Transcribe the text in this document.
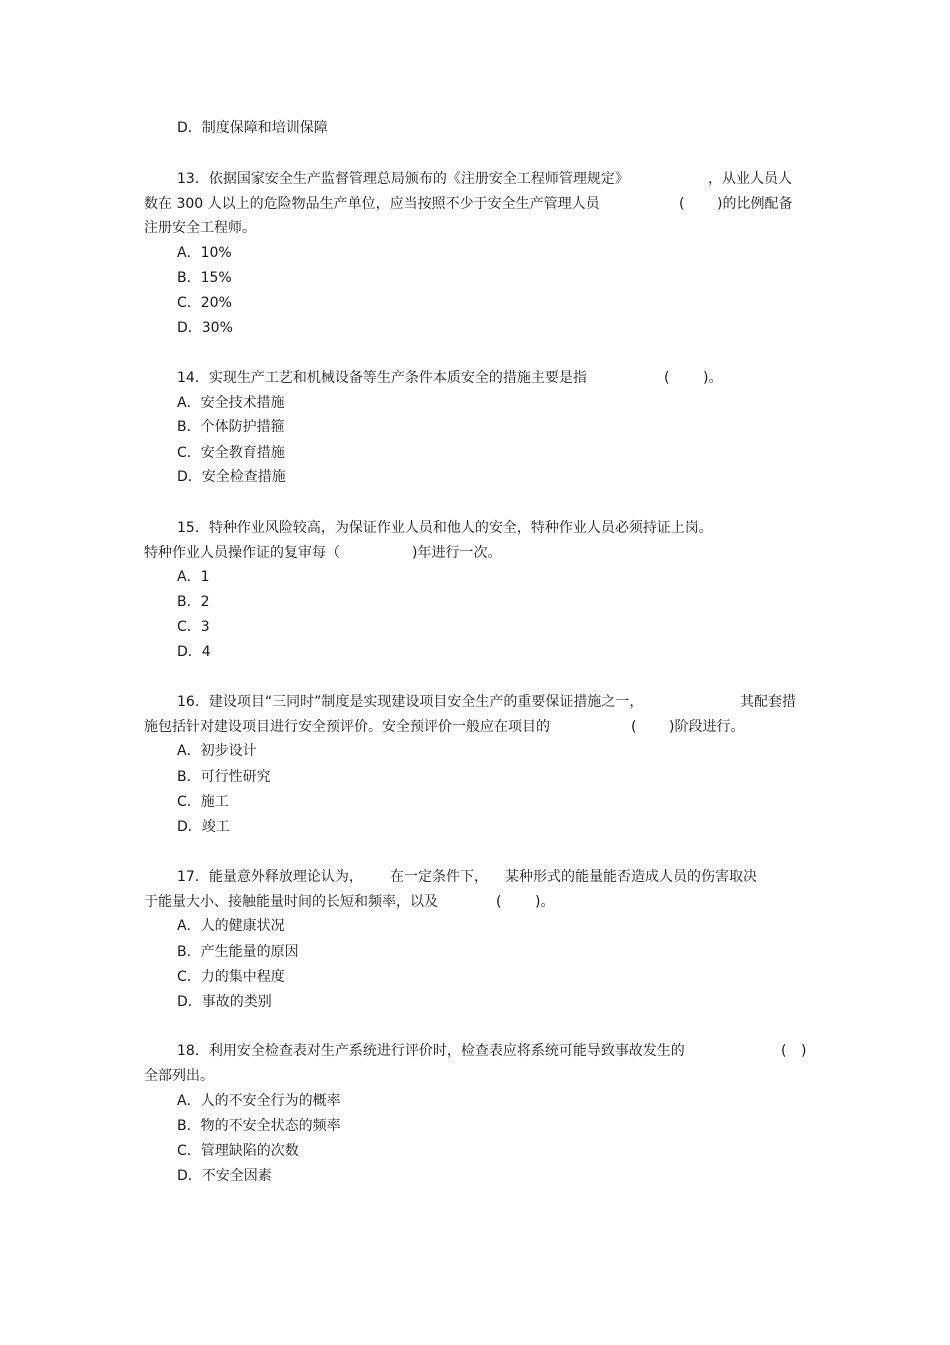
D．制度保障和培训保障
13．依据国家安全生产监督管理总局颁布的《注册安全工程师管理规定》	，从业人员人
数在 300 人以上的危险物品生产单位，应当按照不少于安全生产管理人员	( )的比例配备
注册安全工程师。
A．10%
B．15%
C．20%
D．30%
14．实现生产工艺和机械设备等生产条件本质安全的措施主要是指	( )。
A．安全技术措施
B．个体防护措箍
C．安全教育措施
D．安全检查措施
15．特种作业风险较高，为保证作业人员和他人的安全，特种作业人员必须持证上岗。
特种作业人员操作证的复审每（	)年进行一次。
A．1
B．2
C．3
D．4
16．建设项目“三同时”制度是实现建设项目安全生产的重要保证措施之一，	其配套措
施包括针对建设项目进行安全预评价。安全预评价一般应在项目的	( )阶段进行。
A．初步设计
B．可行性研究
C．施工
D．竣工
17．能量意外释放理论认为， 在一定条件下， 某种形式的能量能否造成人员的伤害取决
于能量大小、接触能量时间的长短和频率，以及	( )。
A．人的健康状况
B．产生能量的原因
C．力的集中程度
D．事故的类别
18．利用安全检查表对生产系统进行评价时，检查表应将系统可能导致事故发生的	( )
全部列出。
A．人的不安全行为的概率
B．物的不安全状态的频率
C．管理缺陷的次数
D．不安全因素
